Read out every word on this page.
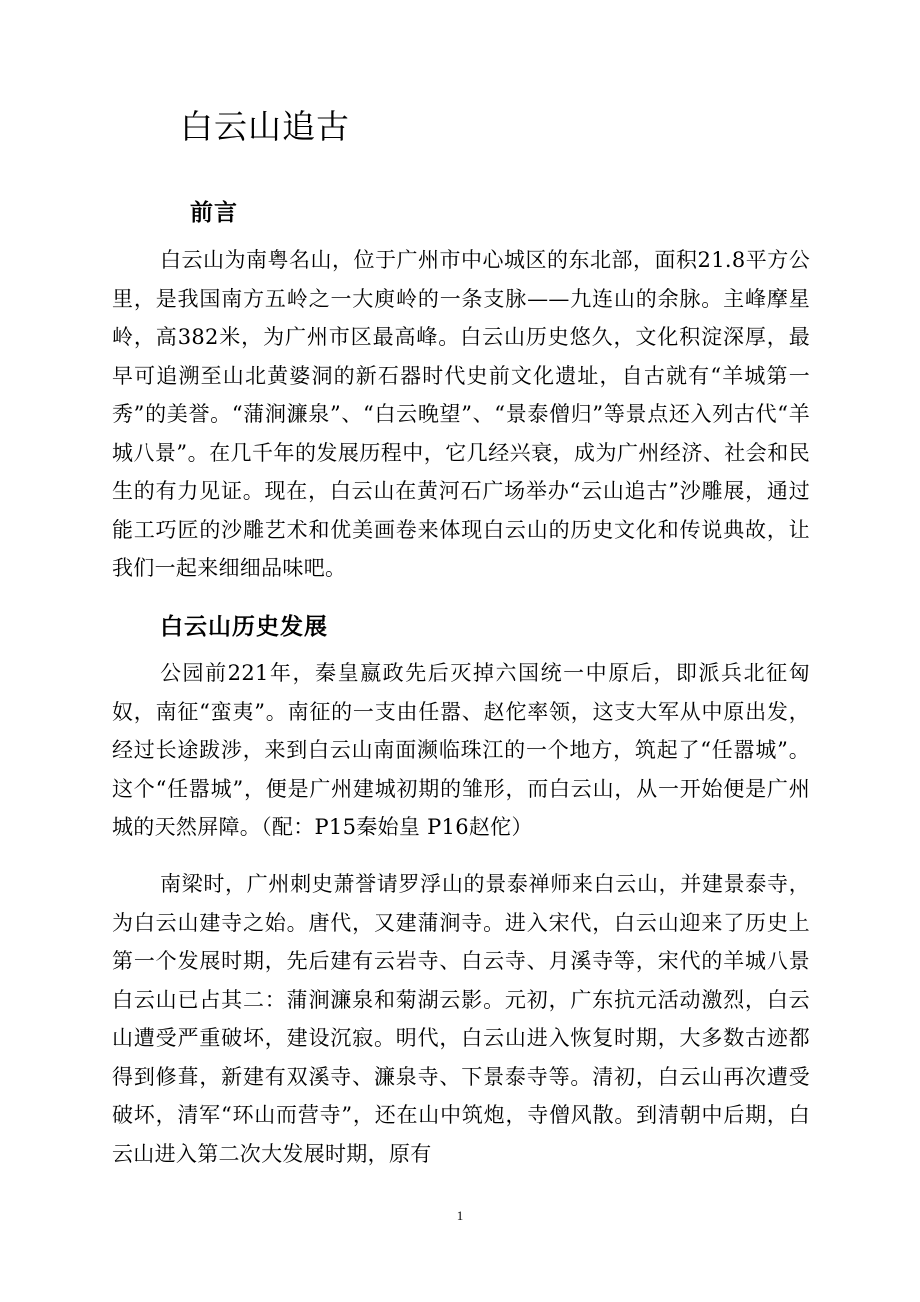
白云山追古
前言

白云山为南粤名山，位于广州市中心城区的东北部，面积21.8平方公里，是我国南方五岭之一大庾岭的一条支脉——九连山的余脉。主峰摩星岭，高382米，为广州市区最高峰。白云山历史悠久，文化积淀深厚，最早可追溯至山北黄婆洞的新石器时代史前文化遗址，自古就有“羊城第一秀”的美誉。“蒲涧濂泉”、“白云晚望”、“景泰僧归”等景点还入列古代“羊城八景”。在几千年的发展历程中，它几经兴衰，成为广州经济、社会和民生的有力见证。现在，白云山在黄河石广场举办“云山追古”沙雕展，通过能工巧匠的沙雕艺术和优美画卷来体现白云山的历史文化和传说典故，让我们一起来细细品味吧。

白云山历史发展

公园前221年，秦皇嬴政先后灭掉六国统一中原后，即派兵北征匈奴，南征“蛮夷”。南征的一支由任嚣、赵佗率领，这支大军从中原出发，经过长途跋涉，来到白云山南面濒临珠江的一个地方，筑起了“任嚣城”。这个“任嚣城”，便是广州建城初期的雏形，而白云山，从一开始便是广州城的天然屏障。（配：P15秦始皇 P16赵佗）

南梁时，广州刺史萧誉请罗浮山的景泰禅师来白云山，并建景泰寺，为白云山建寺之始。唐代，又建蒲涧寺。进入宋代，白云山迎来了历史上第一个发展时期，先后建有云岩寺、白云寺、月溪寺等，宋代的羊城八景白云山已占其二：蒲涧濂泉和菊湖云影。元初，广东抗元活动激烈，白云山遭受严重破坏，建设沉寂。明代，白云山进入恢复时期，大多数古迹都得到修葺，新建有双溪寺、濂泉寺、下景泰寺等。清初，白云山再次遭受破坏，清军“环山而营寺”，还在山中筑炮，寺僧风散。到清朝中后期，白云山进入第二次大发展时期，原有

1
